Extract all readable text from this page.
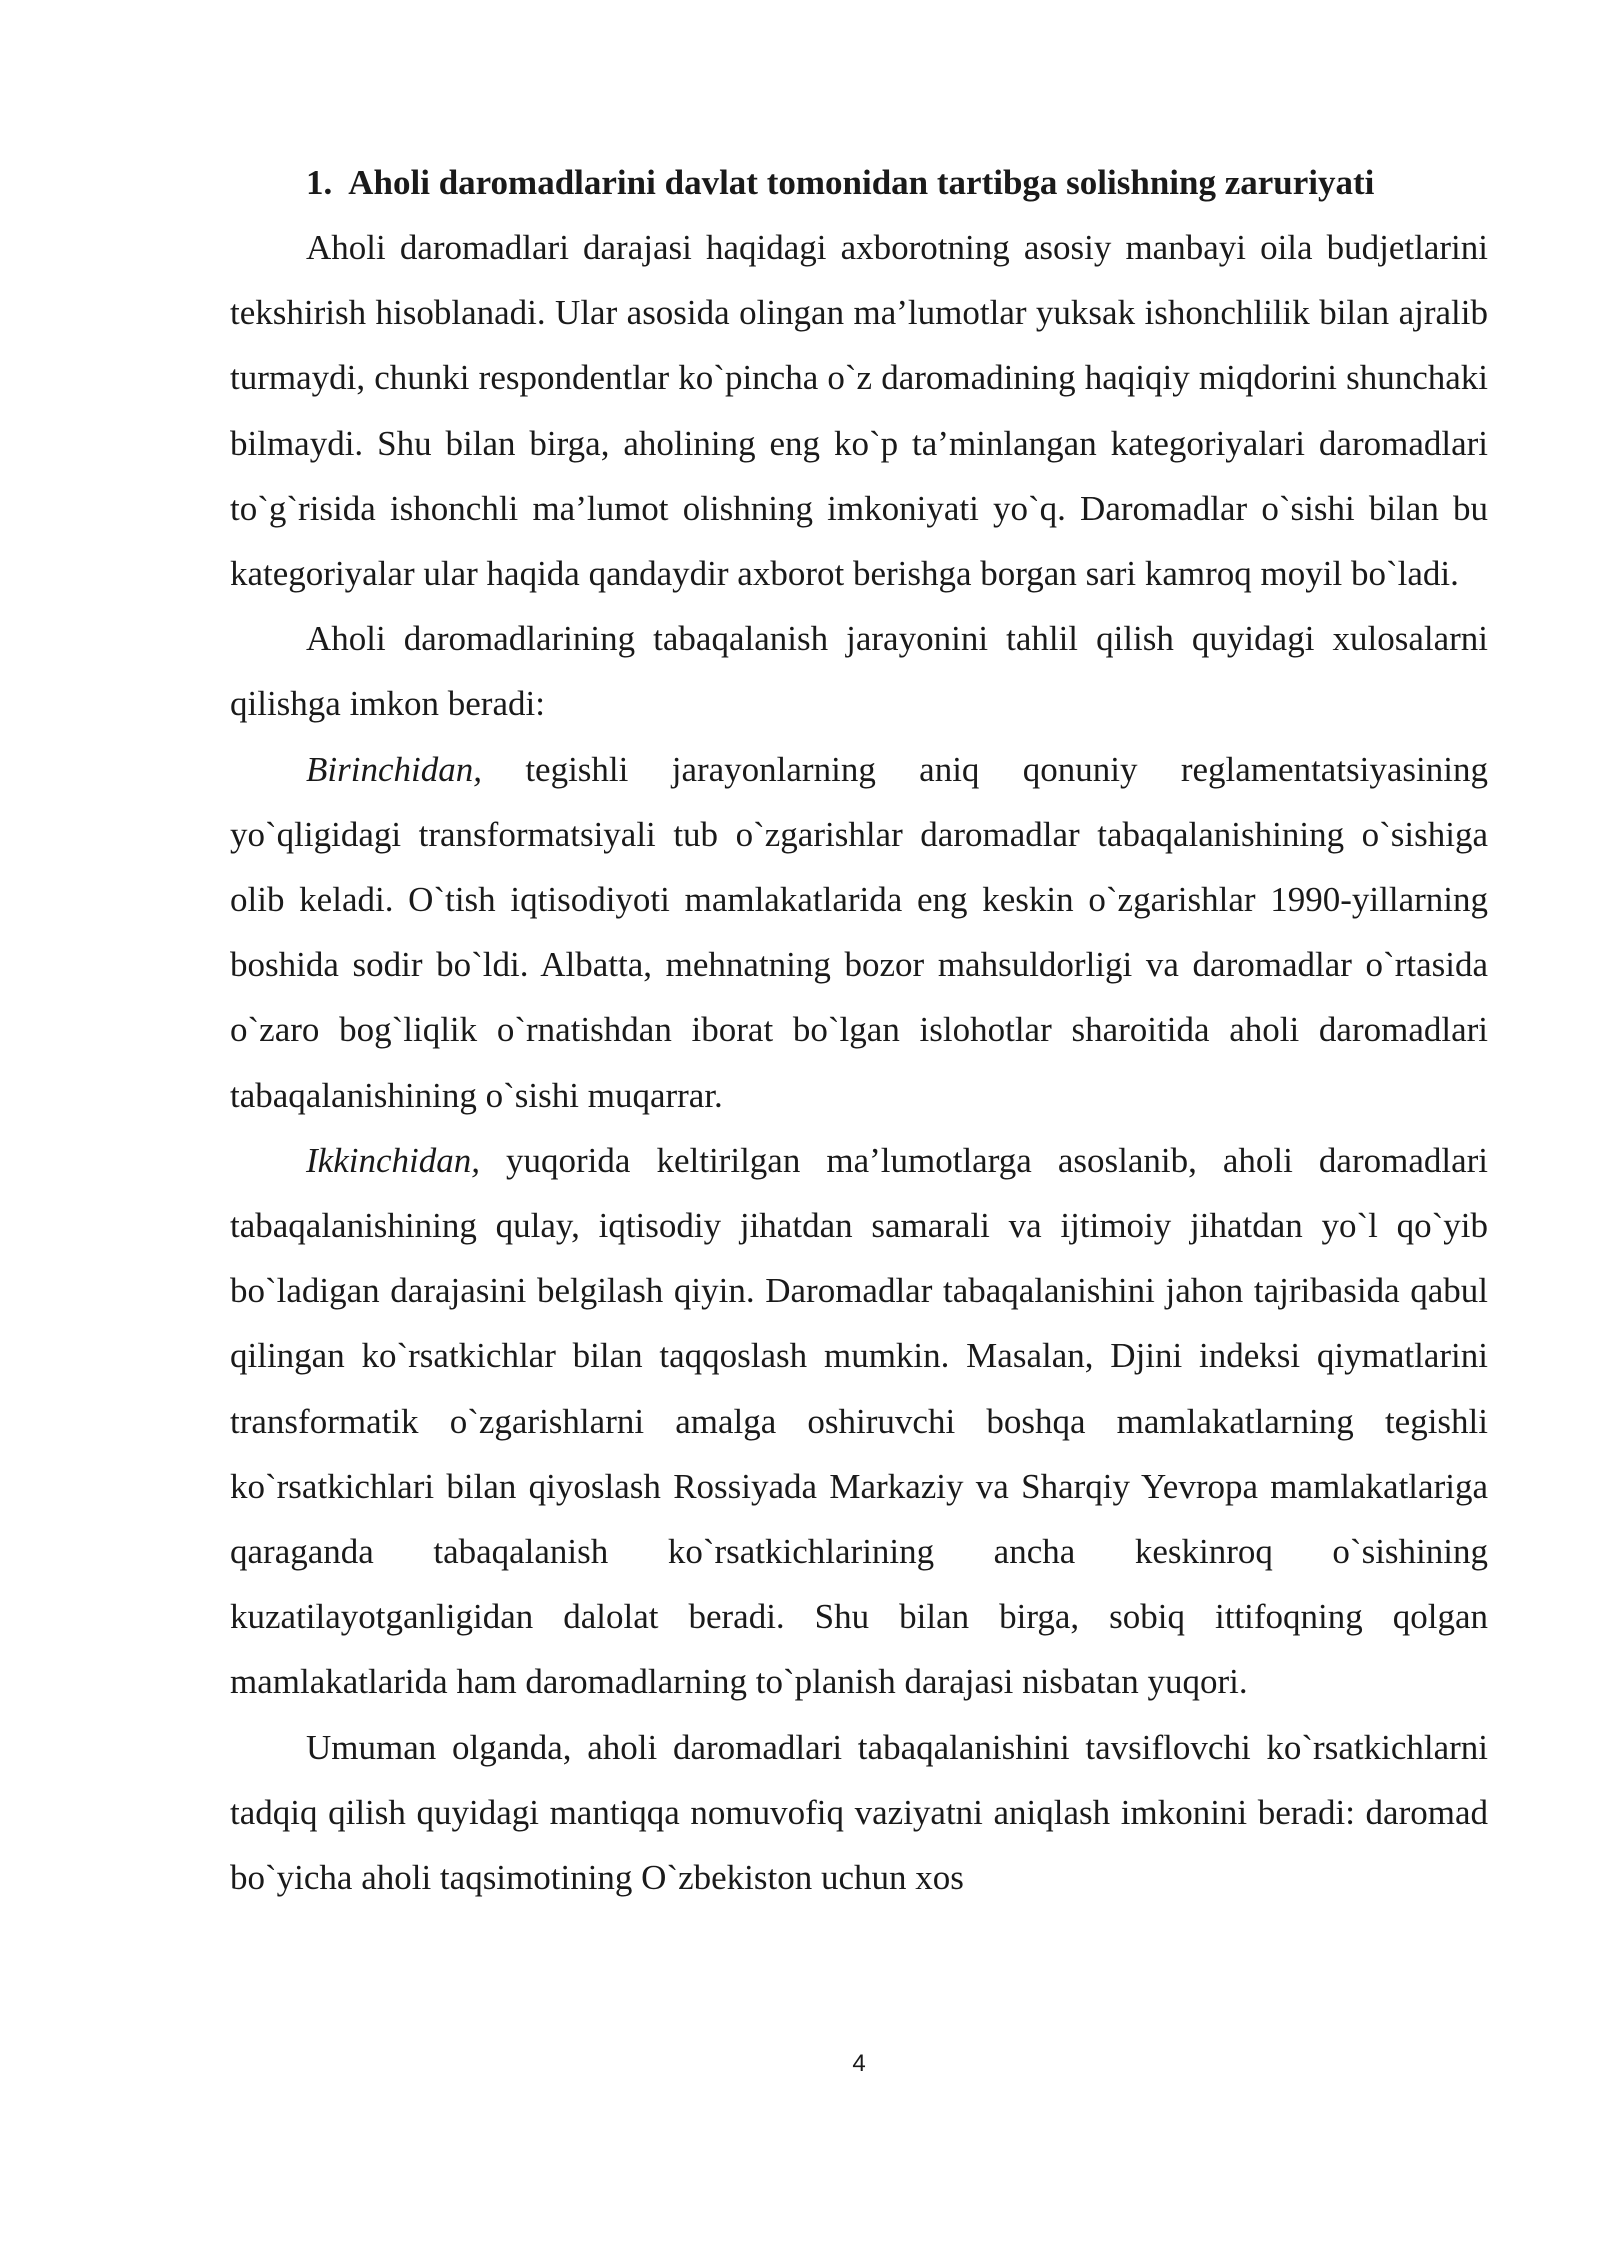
1. Aholi daromadlarini davlat tomonidan tartibga solishning zaruriyati

Aholi daromadlari darajasi haqidagi axborotning asosiy manbayi oila budjetlarini tekshirish hisoblanadi. Ular asosida olingan ma’lumotlar yuksak ishonchlilik bilan ajralib turmaydi, chunki respondentlar ko`pincha o`z daromadining haqiqiy miqdorini shunchaki bilmaydi. Shu bilan birga, aholining eng ko`p ta’minlangan kategoriyalari daromadlari to`g`risida ishonchli ma’lumot olishning imkoniyati yo`q. Daromadlar o`sishi bilan bu kategoriyalar ular haqida qandaydir axborot berishga borgan sari kamroq moyil bo`ladi.

Aholi daromadlarining tabaqalanish jarayonini tahlil qilish quyidagi xulosalarni qilishga imkon beradi:

Birinchidan, tegishli jarayonlarning aniq qonuniy reglamentatsiyasining yo`qligidagi transformatsiyali tub o`zgarishlar daromadlar tabaqalanishining o`sishiga olib keladi. O`tish iqtisodiyoti mamlakatlarida eng keskin o`zgarishlar 1990-yillarning boshida sodir bo`ldi. Albatta, mehnatning bozor mahsuldorligi va daromadlar o`rtasida o`zaro bog`liqlik o`rnatishdan iborat bo`lgan islohotlar sharoitida aholi daromadlari tabaqalanishining o`sishi muqarrar.

Ikkinchidan, yuqorida keltirilgan ma’lumotlarga asoslanib, aholi daromadlari tabaqalanishining qulay, iqtisodiy jihatdan samarali va ijtimoiy jihatdan yo`l qo`yib bo`ladigan darajasini belgilash qiyin. Daromadlar tabaqalanishini jahon tajribasida qabul qilingan ko`rsatkichlar bilan taqqoslash mumkin. Masalan, Djini indeksi qiymatlarini transformatik o`zgarishlarni amalga oshiruvchi boshqa mamlakatlarning tegishli ko`rsatkichlari bilan qiyoslash Rossiyada Markaziy va Sharqiy Yevropa mamlakatlariga qaraganda tabaqalanish ko`rsatkichlarining ancha keskinroq o`sishining kuzatilayotganligidan dalolat beradi. Shu bilan birga, sobiq ittifoqning qolgan mamlakatlarida ham daromadlarning to`planish darajasi nisbatan yuqori.

Umuman olganda, aholi daromadlari tabaqalanishini tavsiflovchi ko`rsatkichlarni tadqiq qilish quyidagi mantiqqa nomuvofiq vaziyatni aniqlash imkonini beradi: daromad bo`yicha aholi taqsimotining O`zbekiston uchun xos

4
